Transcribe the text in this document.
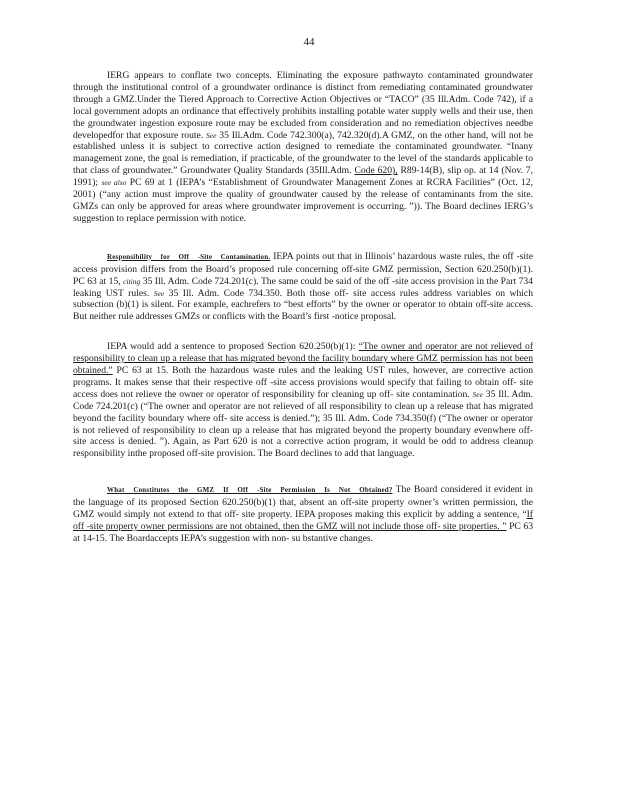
44

IERG appears to conflate two concepts. Eliminating the exposure pathwayto contaminated groundwater through the institutional control of a groundwater ordinance is distinct from remediating contaminated groundwater through a GMZ.Under the Tiered Approach to Corrective Action Objectives or “TACO” (35 Ill.Adm. Code 742), if a local government adopts an ordinance that effectively prohibits installing potable water supply wells and their use, then the groundwater ingestion exposure route may be excluded from consideration and no remediation objectives needbe developedfor that exposure route. See 35 Ill.Adm. Code 742.300(a), 742.320(d).A GMZ, on the other hand, will not be established unless it is subject to corrective action designed to remediate the contaminated groundwater. “Inany management zone, the goal is remediation, if practicable, of the groundwater to the level of the standards applicable to that class of groundwater.” Groundwater Quality Standards (35Ill.Adm. Code 620), R89-14(B), slip op. at 14 (Nov. 7, 1991); see also PC 69 at 1 (IEPA’s “Establishment of Groundwater Management Zones at RCRA Facilities” (Oct. 12, 2001) (“any action must improve the quality of groundwater caused by the release of contaminants from the site. GMZs can only be approved for areas where groundwater improvement is occurring. ”)). The Board declines IERG’s suggestion to replace permission with notice.

Responsibility for Off -Site Contamination. IEPA points out that in Illinois’ hazardous waste rules, the off -site access provision differs from the Board’s proposed rule concerning off-site GMZ permission, Section 620.250(b)(1). PC 63 at 15, citing 35 Ill. Adm. Code 724.201(c). The same could be said of the off -site access provision in the Part 734 leaking UST rules. See 35 Ill. Adm. Code 734.350. Both those off- site access rules address variables on which subsection (b)(1) is silent. For example, eachrefers to “best efforts” by the owner or operator to obtain off-site access. But neither rule addresses GMZs or conflicts with the Board’s first -notice proposal.

IEPA would add a sentence to proposed Section 620.250(b)(1): “The owner and operator are not relieved of responsibility to clean up a release that has migrated beyond the facility boundary where GMZ permission has not been obtained.” PC 63 at 15. Both the hazardous waste rules and the leaking UST rules, however, are corrective action programs. It makes sense that their respective off -site access provisions would specify that failing to obtain off- site access does not relieve the owner or operator of responsibility for cleaning up off- site contamination. See 35 Ill. Adm. Code 724.201(c) (“The owner and operator are not relieved of all responsibility to clean up a release that has migrated beyond the facility boundary where off- site access is denied.”); 35 Ill. Adm. Code 734.350(f) (“The owner or operator is not relieved of responsibility to clean up a release that has migrated beyond the property boundary evenwhere off- site access is denied. ”). Again, as Part 620 is not a corrective action program, it would be odd to address cleanup responsibility inthe proposed off-site provision. The Board declines to add that language.

What Constitutes the GMZ If Off -Site Permission Is Not Obtained? The Board considered it evident in the language of its proposed Section 620.250(b)(1) that, absent an off-site property owner’s written permission, the GMZ would simply not extend to that off- site property. IEPA proposes making this explicit by adding a sentence, “If off -site property owner permissions are not obtained, then the GMZ will not include those off- site properties. ” PC 63 at 14-15. The Boardaccepts IEPA’s suggestion with non- su bstantive changes.
